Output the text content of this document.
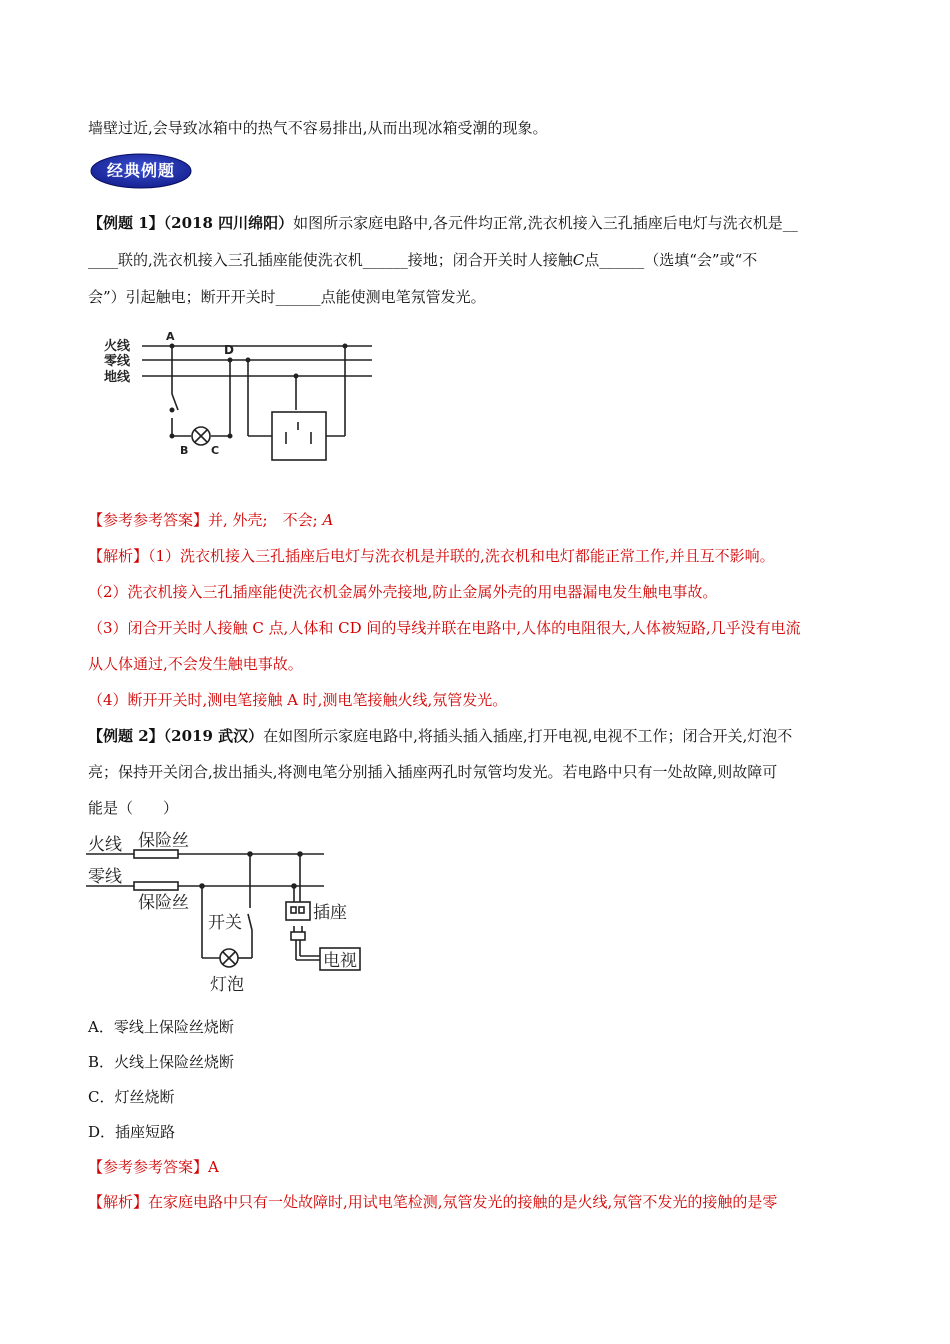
墙壁过近,会导致冰箱中的热气不容易排出,从而出现冰箱受潮的现象。
经典例题
【例题 1】（2018 四川绵阳）如图所示家庭电路中,各元件均正常,洗衣机接入三孔插座后电灯与洗衣机是__
____联的,洗衣机接入三孔插座能使洗衣机______接地；闭合开关时人接触C点______（选填“会”或“不
会”）引起触电；断开开关时______点能使测电笔氖管发光。
火线
零线
地线
A
D
B C
【参考参考答案】并, 外壳;　不会; A
【解析】（1）洗衣机接入三孔插座后电灯与洗衣机是并联的,洗衣机和电灯都能正常工作,并且互不影响。
（2）洗衣机接入三孔插座能使洗衣机金属外壳接地,防止金属外壳的用电器漏电发生触电事故。
（3）闭合开关时人接触 C 点,人体和 CD 间的导线并联在电路中,人体的电阻很大,人体被短路,几乎没有电流
从人体通过,不会发生触电事故。
（4）断开开关时,测电笔接触 A 时,测电笔接触火线,氖管发光。
【例题 2】（2019 武汉）在如图所示家庭电路中,将插头插入插座,打开电视,电视不工作；闭合开关,灯泡不
亮；保持开关闭合,拔出插头,将测电笔分别插入插座两孔时氖管均发光。若电路中只有一处故障,则故障可
能是（　　）
火线
零线
保险丝
保险丝
开关
灯泡
插座
电视
A．零线上保险丝烧断
B．火线上保险丝烧断
C．灯丝烧断
D．插座短路
【参考参考答案】A
【解析】在家庭电路中只有一处故障时,用试电笔检测,氖管发光的接触的是火线,氖管不发光的接触的是零
